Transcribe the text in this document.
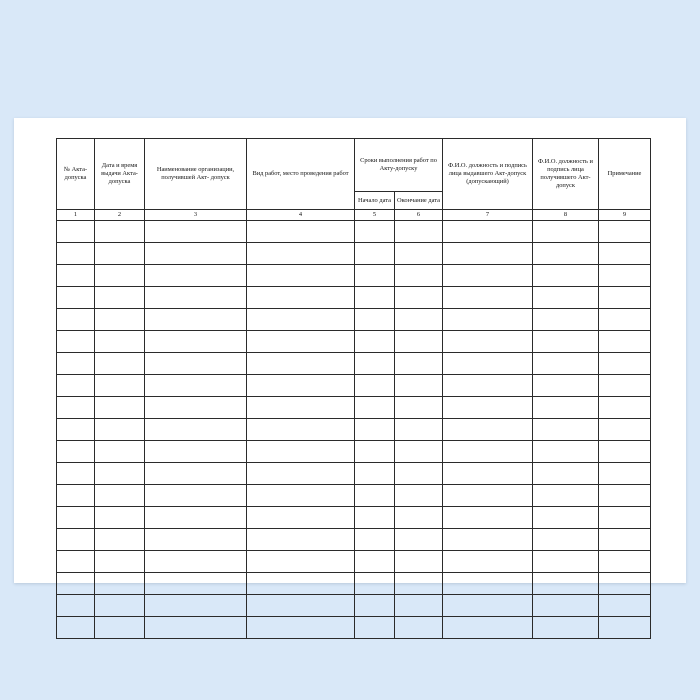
№ Акта-допуска	Дата и время выдачи Акта-допуска	Наименование организации, получившей Акт- допуск	Вид работ, место проведения работ	Сроки выполнения работ по Акту-допуску		Ф.И.О. должность и подпись лица выдавшего Акт-допуск (допускающий)	Ф.И.О. должность и подпись лица получившего Акт-допуск	Примечание
				Начало дата	Окончание дата			
1	2	3	4	5	6	7	8	9
